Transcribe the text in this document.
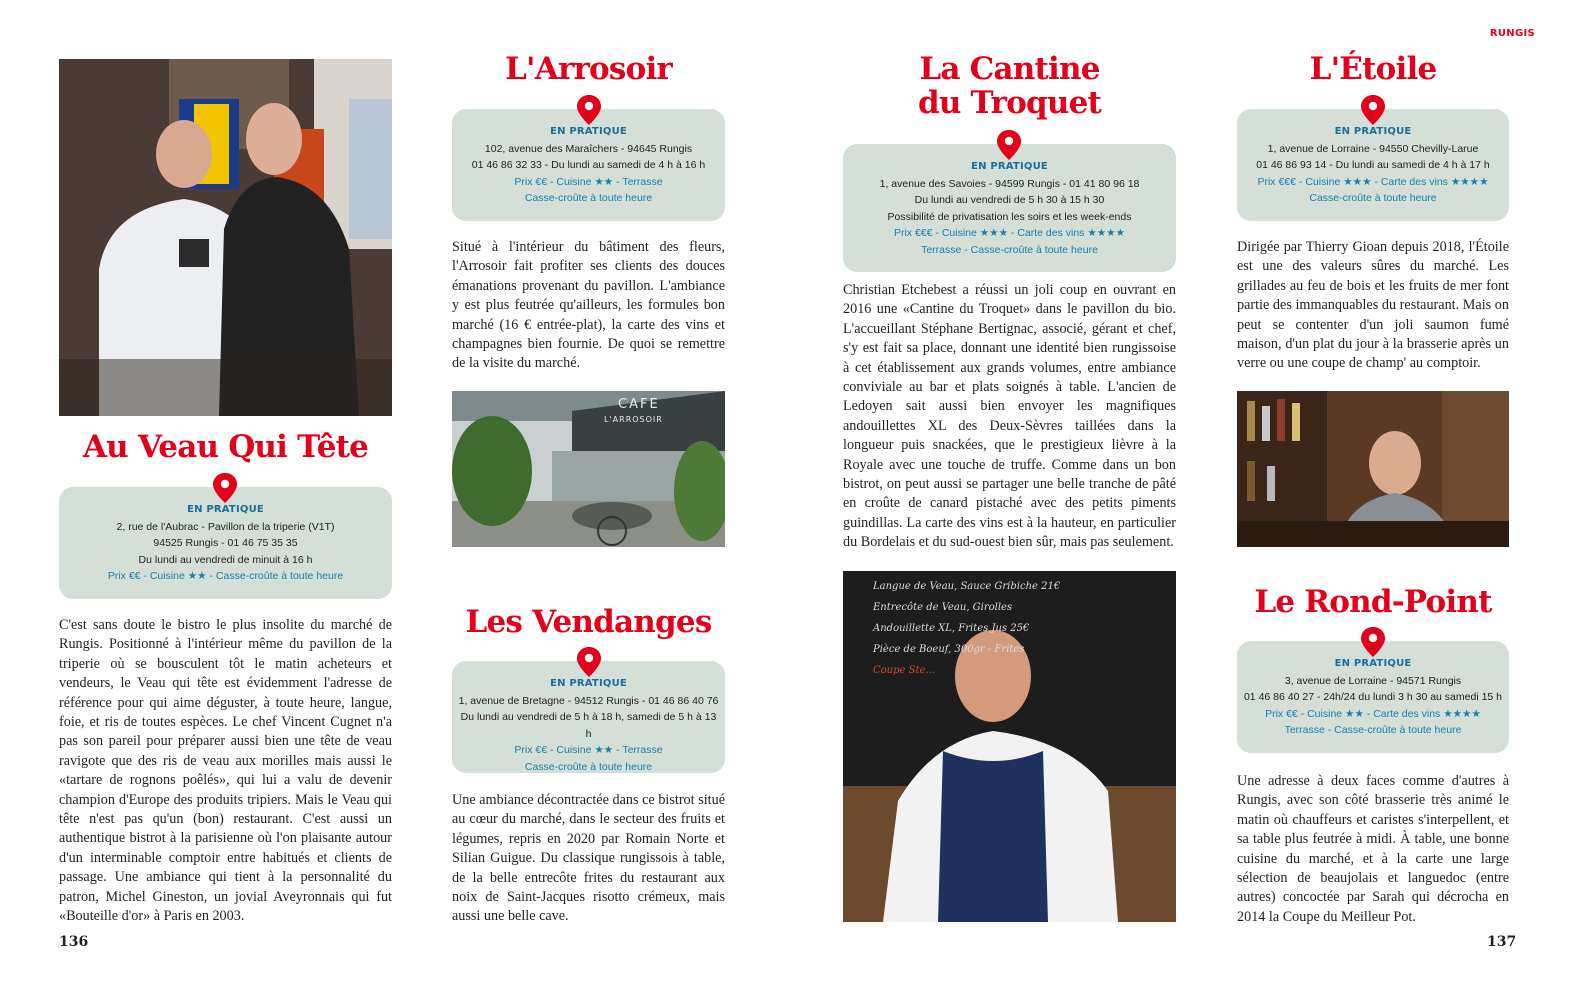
RUNGIS
Au Veau Qui Tête
EN PRATIQUE
2, rue de l'Aubrac - Pavillon de la triperie (V1T)
94525 Rungis - 01 46 75 35 35
Du lundi au vendredi de minuit à 16 h
Prix €€ - Cuisine ★★ - Casse-croûte à toute heure

C'est sans doute le bistro le plus insolite du marché de Rungis. Positionné à l'intérieur même du pavillon de la triperie où se bousculent tôt le matin acheteurs et vendeurs, le Veau qui tête est évidemment l'adresse de référence pour qui aime déguster, à toute heure, langue, foie, et ris de toutes espèces. Le chef Vincent Cugnet n'a pas son pareil pour préparer aussi bien une tête de veau ravigote que des ris de veau aux morilles mais aussi le «tartare de rognons poêlés», qui lui a valu de devenir champion d'Europe des produits tripiers. Mais le Veau qui tête n'est pas qu'un (bon) restaurant. C'est aussi un authentique bistrot à la parisienne où l'on plaisante autour d'un interminable comptoir entre habitués et clients de passage. Une ambiance qui tient à la personnalité du patron, Michel Gineston, un jovial Aveyronnais qui fut «Bouteille d'or» à Paris en 2003.

136
L'Arrosoir
EN PRATIQUE
102, avenue des Maraîchers - 94645 Rungis
01 46 86 32 33 - Du lundi au samedi de 4 h à 16 h
Prix €€ - Cuisine ★★ - Terrasse
Casse-croûte à toute heure

Situé à l'intérieur du bâtiment des fleurs, l'Arrosoir fait profiter ses clients des douces émanations provenant du pavillon. L'ambiance y est plus feutrée qu'ailleurs, les formules bon marché (16 € entrée-plat), la carte des vins et champagnes bien fournie. De quoi se remettre de la visite du marché.

CAFE
L'ARROSOIR
Les Vendanges
EN PRATIQUE
1, avenue de Bretagne - 94512 Rungis - 01 46 86 40 76
Du lundi au vendredi de 5 h à 18 h, samedi de 5 h à 13 h
Prix €€ - Cuisine ★★ - Terrasse
Casse-croûte à toute heure

Une ambiance décontractée dans ce bistrot situé au cœur du marché, dans le secteur des fruits et légumes, repris en 2020 par Romain Norte et Silian Guigue. Du classique rungissois à table, de la belle entrecôte frites du restaurant aux noix de Saint-Jacques risotto crémeux, mais aussi une belle cave.

La Cantine
du Troquet
EN PRATIQUE
1, avenue des Savoies - 94599 Rungis - 01 41 80 96 18
Du lundi au vendredi de 5 h 30 à 15 h 30
Possibilité de privatisation les soirs et les week-ends
Prix €€€ - Cuisine ★★★ - Carte des vins ★★★★
Terrasse - Casse-croûte à toute heure

Christian Etchebest a réussi un joli coup en ouvrant en 2016 une «Cantine du Troquet» dans le pavillon du bio. L'accueillant Stéphane Bertignac, associé, gérant et chef, s'y est fait sa place, donnant une identité bien rungissoise à cet établissement aux grands volumes, entre ambiance conviviale au bar et plats soignés à table. L'ancien de Ledoyen sait aussi bien envoyer les magnifiques andouillettes XL des Deux-Sèvres taillées dans la longueur puis snackées, que le prestigieux lièvre à la Royale avec une touche de truffe. Comme dans un bon bistrot, on peut aussi se partager une belle tranche de pâté en croûte de canard pistaché avec des petits piments guindillas. La carte des vins est à la hauteur, en particulier du Bordelais et du sud-ouest bien sûr, mais pas seulement.

Langue de Veau, Sauce Gribiche 21€
Entrecôte de Veau, Girolles
Andouillette XL, Frites Jus 25€
Pièce de Boeuf, 300gr - Frites
Coupe Ste...
L'Étoile
EN PRATIQUE
1, avenue de Lorraine - 94550 Chevilly-Larue
01 46 86 93 14 - Du lundi au samedi de 4 h à 17 h
Prix €€€ - Cuisine ★★★ - Carte des vins ★★★★
Casse-croûte à toute heure

Dirigée par Thierry Gioan depuis 2018, l'Étoile est une des valeurs sûres du marché. Les grillades au feu de bois et les fruits de mer font partie des immanquables du restaurant. Mais on peut se contenter d'un joli saumon fumé maison, d'un plat du jour à la brasserie après un verre ou une coupe de champ' au comptoir.

Le Rond-Point
EN PRATIQUE
3, avenue de Lorraine - 94571 Rungis
01 46 86 40 27 - 24h/24 du lundi 3 h 30 au samedi 15 h
Prix €€ - Cuisine ★★ - Carte des vins ★★★★
Terrasse - Casse-croûte à toute heure

Une adresse à deux faces comme d'autres à Rungis, avec son côté brasserie très animé le matin où chauffeurs et caristes s'interpellent, et sa table plus feutrée à midi. À table, une bonne cuisine du marché, et à la carte une large sélection de beaujolais et languedoc (entre autres) concoctée par Sarah qui décrocha en 2014 la Coupe du Meilleur Pot.

137
